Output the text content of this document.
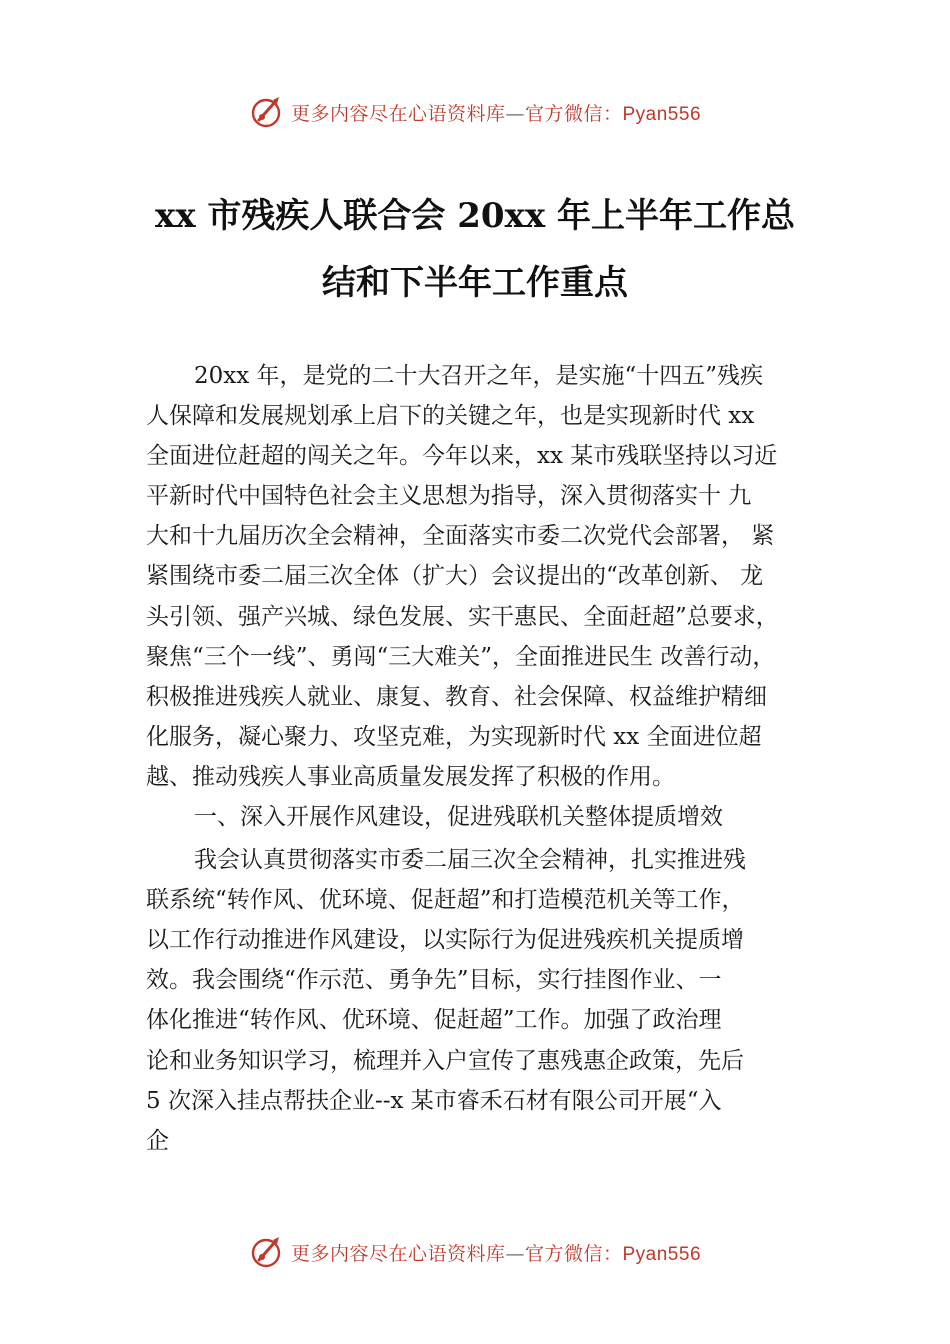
更多内容尽在心语资料库—官方微信：Pyan556
xx 市残疾人联合会 20xx 年上半年工作总
结和下半年工作重点
20xx 年，是党的二十大召开之年，是实施“十四五”残疾
人保障和发展规划承上启下的关键之年，也是实现新时代 xx
全面进位赶超的闯关之年。今年以来，xx 某市残联坚持以习近
平新时代中国特色社会主义思想为指导，深入贯彻落实十 九
大和十九届历次全会精神，全面落实市委二次党代会部署， 紧
紧围绕市委二届三次全体（扩大）会议提出的“改革创新、 龙
头引领、强产兴城、绿色发展、实干惠民、全面赶超”总要求，
聚焦“三个一线”、勇闯“三大难关”，全面推进民生 改善行动，
积极推进残疾人就业、康复、教育、社会保障、权益维护精细
化服务，凝心聚力、攻坚克难，为实现新时代 xx 全面进位超
越、推动残疾人事业高质量发展发挥了积极的作用。
一、深入开展作风建设，促进残联机关整体提质增效
我会认真贯彻落实市委二届三次全会精神，扎实推进残
联系统“转作风、优环境、促赶超”和打造模范机关等工作，
以工作行动推进作风建设，以实际行为促进残疾机关提质增
效。我会围绕“作示范、勇争先”目标，实行挂图作业、一
体化推进“转作风、优环境、促赶超”工作。加强了政治理
论和业务知识学习，梳理并入户宣传了惠残惠企政策，先后
5 次深入挂点帮扶企业--x 某市睿禾石材有限公司开展“入
企
更多内容尽在心语资料库—官方微信：Pyan556
